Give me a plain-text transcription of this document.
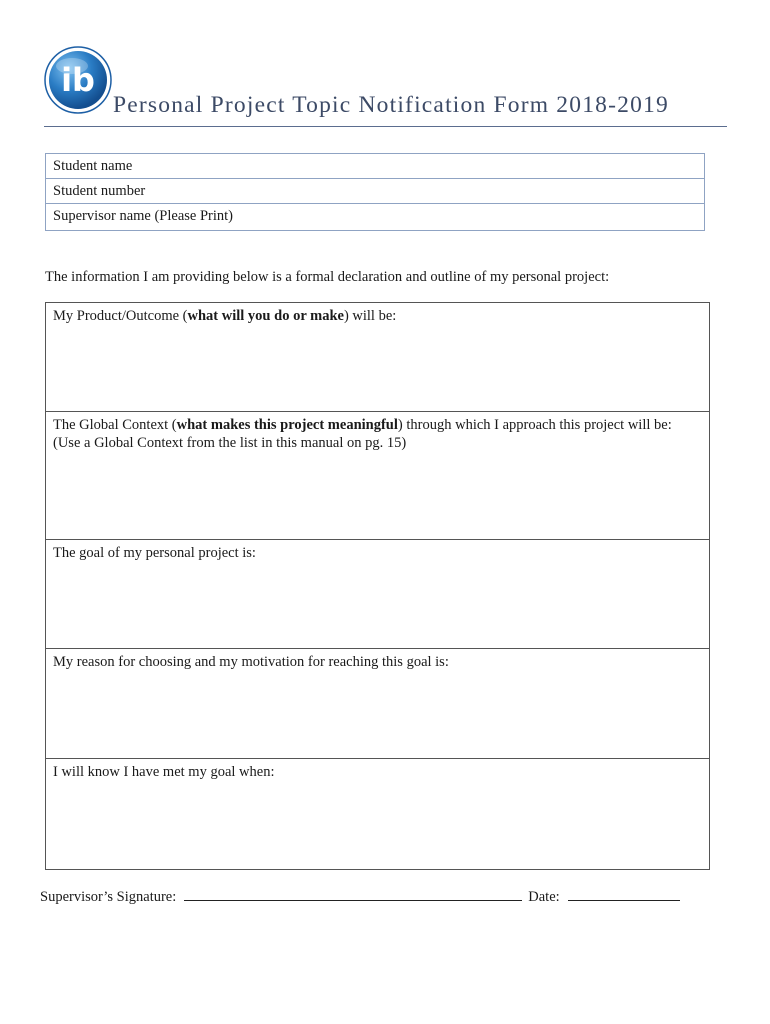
ib
Personal Project Topic Notification Form 2018-2019
Student name
Student number
Supervisor name (Please Print)
The information I am providing below is a formal declaration and outline of my personal project:

My Product/Outcome (what will you do or make) will be:

The Global Context (what makes this project meaningful) through which I approach this project will be:

(Use a Global Context from the list in this manual on pg. 15)

The goal of my personal project is:

My reason for choosing and my motivation for reaching this goal is:

I will know I have met my goal when:

Supervisor’s Signature:	Date:
